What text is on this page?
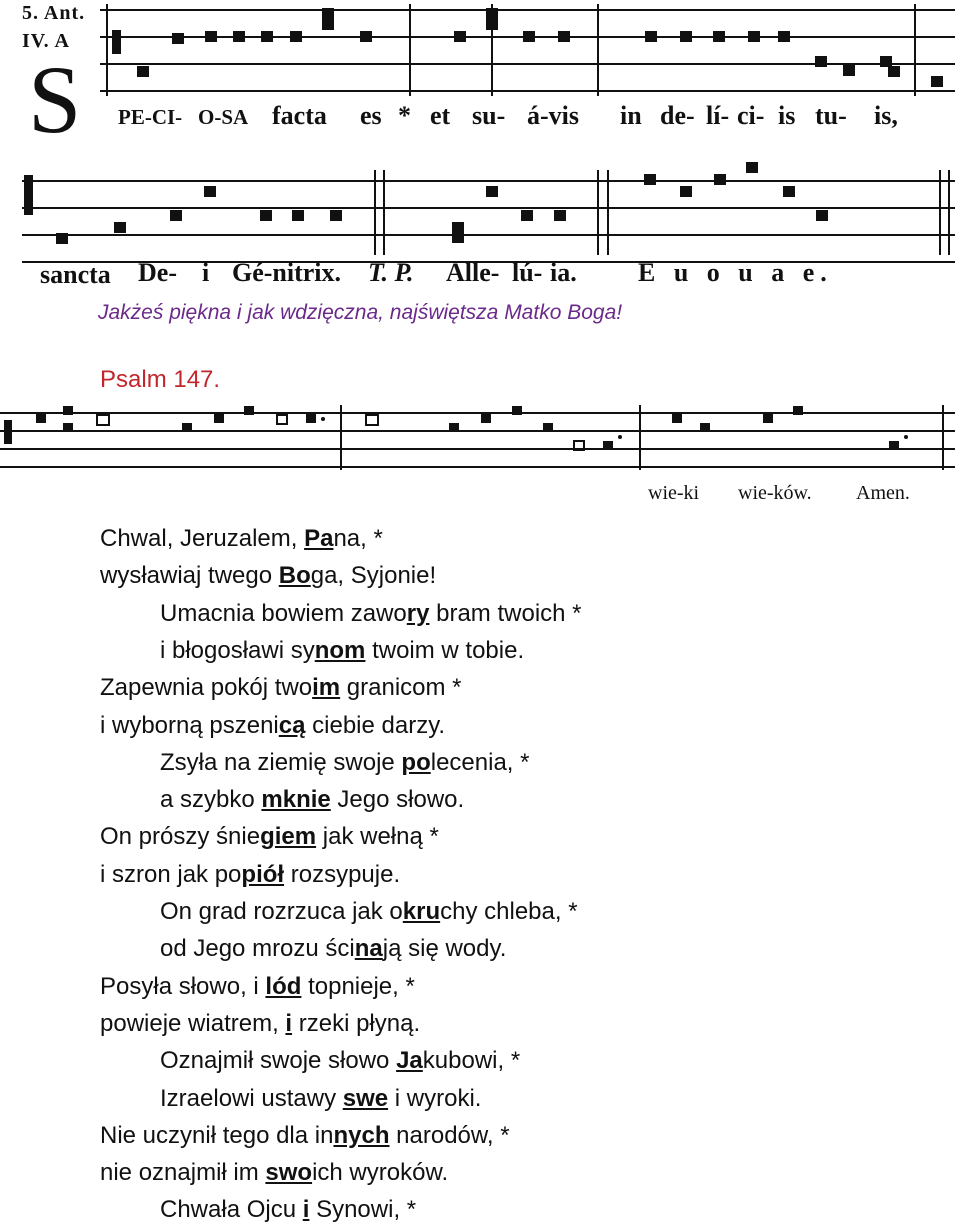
5. Ant.
IV. A
S PE-CI- O-SA facta es * et su- á-vis in de- lí- ci- is tu- is,
sancta De- i Gé-nitrix. T. P. Alle- lú- ia. E u o u a e.
Jakżeś piękna i jak wdzięczna, najświętsza Matko Boga!
Psalm 147.
wie-ki wie-ków. Amen.
Chwal, Jeruzalem, Pana, *
wysławiaj twego Boga, Syjonie!
Umacnia bowiem zawory bram twoich *
i błogosławi synom twoim w tobie.
Zapewnia pokój twoim granicom *
i wyborną pszenicą ciebie darzy.
Zsyła na ziemię swoje polecenia, *
a szybko mknie Jego słowo.
On prószy śniegiem jak wełną *
i szron jak popiół rozsypuje.
On grad rozrzuca jak okruchy chleba, *
od Jego mrozu ścinają się wody.
Posyła słowo, i lód topnieje, *
powieje wiatrem, i rzeki płyną.
Oznajmił swoje słowo Jakubowi, *
Izraelowi ustawy swe i wyroki.
Nie uczynił tego dla innych narodów, *
nie oznajmił im swoich wyroków.
Chwała Ojcu i Synowi, *
